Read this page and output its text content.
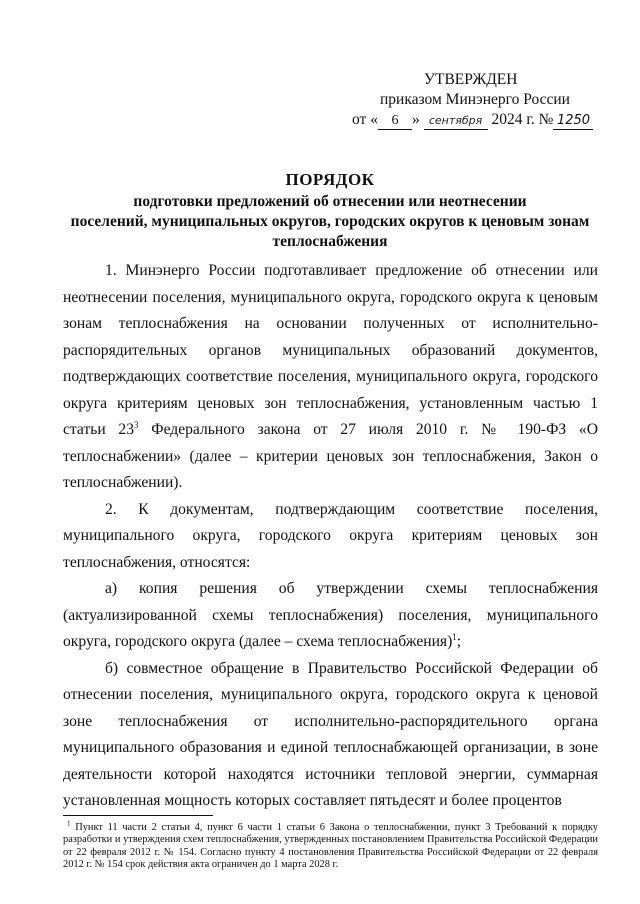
УТВЕРЖДЕН
приказом Минэнерго России
от « 6 » сентября 2024 г. № 1250
ПОРЯДОК
подготовки предложений об отнесении или неотнесении
поселений, муниципальных округов, городских округов к ценовым зонам
теплоснабжения

1. Минэнерго России подготавливает предложение об отнесении или неотнесении поселения, муниципального округа, городского округа к ценовым зонам теплоснабжения на основании полученных от исполнительно-распорядительных органов муниципальных образований документов, подтверждающих соответствие поселения, муниципального округа, городского округа критериям ценовых зон теплоснабжения, установленным частью 1 статьи $23^3$ Федерального закона от 27 июля 2010 г. № 190-ФЗ «О теплоснабжении» (далее – критерии ценовых зон теплоснабжения, Закон о теплоснабжении).

2. К документам, подтверждающим соответствие поселения, муниципального округа, городского округа критериям ценовых зон теплоснабжения, относятся:

а) копия решения об утверждении схемы теплоснабжения (актуализированной схемы теплоснабжения) поселения, муниципального округа, городского округа (далее – схема теплоснабжения)$^1$;

б) совместное обращение в Правительство Российской Федерации об отнесении поселения, муниципального округа, городского округа к ценовой зоне теплоснабжения от исполнительно-распорядительного органа муниципального образования и единой теплоснабжающей организации, в зоне деятельности которой находятся источники тепловой энергии, суммарная установленная мощность которых составляет пятьдесят и более процентов

$^1$ Пункт 11 части 2 статьи 4, пункт 6 части 1 статьи 6 Закона о теплоснабжении, пункт 3 Требований к порядку разработки и утверждения схем теплоснабжения, утвержденных постановлением Правительства Российской Федерации от 22 февраля 2012 г. № 154. Согласно пункту 4 постановления Правительства Российской Федерации от 22 февраля 2012 г. № 154 срок действия акта ограничен до 1 марта 2028 г.
